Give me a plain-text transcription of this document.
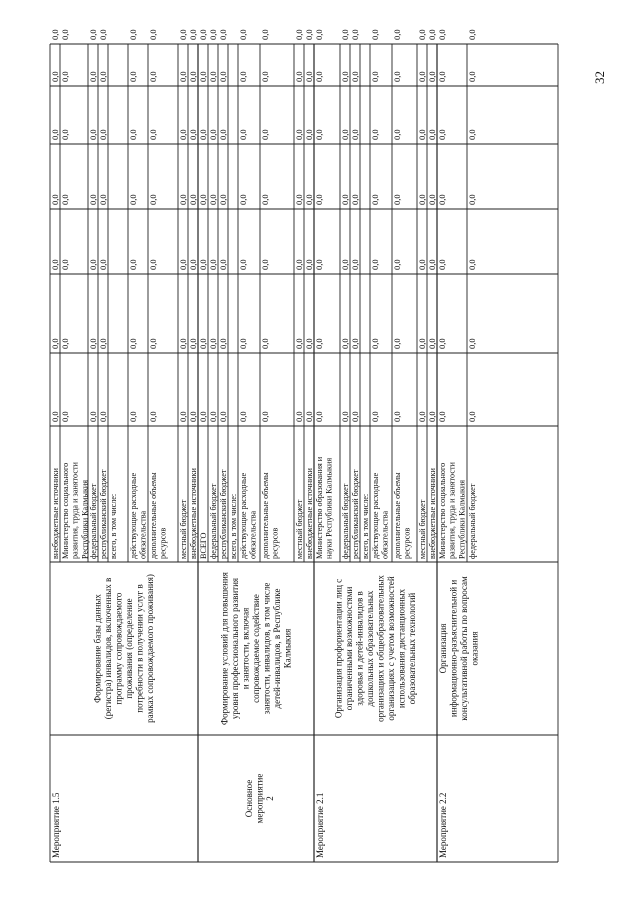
Мероприятие 1.5
Формирование базы данных (регистра) инвалидов, включенных в программу сопровождаемого проживания (определение потребности в получении услуг в рамках сопровождаемого проживания)
внебюджетные источники
0,0
0,0
0,0
0,0
0,0
0,0
0,0
Министерство социального развития, труда и занятости Республики Калмыкия
0,0
0,0
0,0
0,0
0,0
0,0
0,0
федеральный бюджет
0,0
0,0
0,0
0,0
0,0
0,0
0,0
республиканский бюджет
0,0
0,0
0,0
0,0
0,0
0,0
0,0
всего, в том числе: действующие расходные обязательства
0,0
0,0
0,0
0,0
0,0
0,0
0,0
дополнительные объемы ресурсов
0,0
0,0
0,0
0,0
0,0
0,0
0,0
местный бюджет
0,0
0,0
0,0
0,0
0,0
0,0
0,0
внебюджетные источники
0,0
0,0
0,0
0,0
0,0
0,0
0,0
Основное мероприятие 2
Формирование условий для повышения уровня профессионального развития и занятости, включая сопровождаемое содействие занятости, инвалидов, в том числе детей-инвалидов, в Республике Калмыкия
ВСЕГО
0,0
0,0
0,0
0,0
0,0
0,0
0,0
федеральный бюджет
0,0
0,0
0,0
0,0
0,0
0,0
0,0
республиканский бюджет
0,0
0,0
0,0
0,0
0,0
0,0
0,0
всего, в том числе: действующие расходные обязательства
0,0
0,0
0,0
0,0
0,0
0,0
0,0
дополнительные объемы ресурсов
0,0
0,0
0,0
0,0
0,0
0,0
0,0
местный бюджет
0,0
0,0
0,0
0,0
0,0
0,0
0,0
внебюджетные источники
0,0
0,0
0,0
0,0
0,0
0,0
0,0
Мероприятие 2.1
Организация профориентации лиц с ограниченными возможностями здоровья и детей-инвалидов в дошкольных образовательных организациях и общеобразовательных организациях с учетом возможностей использования дистанционных образовательных технологий
Министерство образования и науки Республики Калмыкия
0,0
0,0
0,0
0,0
0,0
0,0
0,0
федеральный бюджет
0,0
0,0
0,0
0,0
0,0
0,0
0,0
республиканский бюджет
0,0
0,0
0,0
0,0
0,0
0,0
0,0
всего, в том числе: действующие расходные обязательства
0,0
0,0
0,0
0,0
0,0
0,0
0,0
дополнительные объемы ресурсов
0,0
0,0
0,0
0,0
0,0
0,0
0,0
местный бюджет
0,0
0,0
0,0
0,0
0,0
0,0
0,0
внебюджетные источники
0,0
0,0
0,0
0,0
0,0
0,0
0,0
Мероприятие 2.2
Организация информационно-разъяснительной и консультативной работы по вопросам оказания
Министерство социального развития, труда и занятости Республики Калмыкия
0,0
0,0
0,0
0,0
0,0
0,0
0,0
федеральный бюджет
0,0
0,0
0,0
0,0
0,0
0,0
0,0
32
